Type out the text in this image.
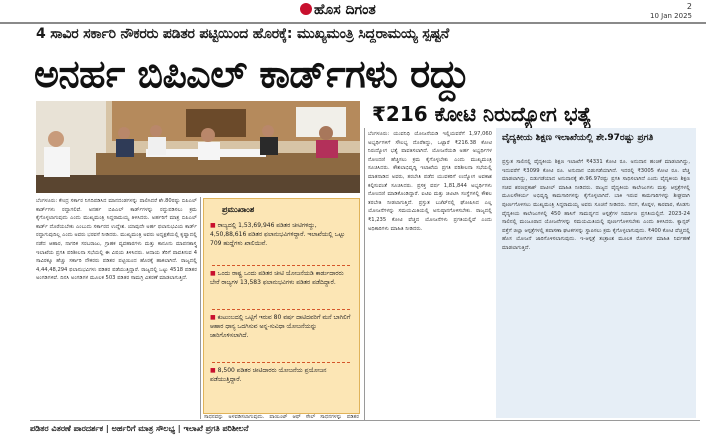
ಹೊಸ ದಿಗಂತ	2
10 Jan 2025
4 ಸಾವಿರ ಸರ್ಕಾರಿ ನೌಕರರು ಪಡಿತರ ಪಟ್ಟಿಯಿಂದ ಹೊರಕ್ಕೆ: ಮುಖ್ಯಮಂತ್ರಿ ಸಿದ್ದರಾಮಯ್ಯ ಸ್ಪಷ್ಟನೆ
ಅನರ್ಹ ಬಿಪಿಎಲ್ ಕಾರ್ಡ್‌ಗಳು ರದ್ದು
₹216 ಕೋಟಿ ನಿರುದ್ಯೋಗ ಭತ್ಯೆ
ಬೆಂಗಳೂರು: ಕೇಂದ್ರ ಸರ್ಕಾರ ನಿಗದಿಪಡಿಸಿದ ಮಾನದಂಡಗಳನ್ನು ಪಾಲಿಸಿದರೆ ಶೇ.80ರಷ್ಟು ಬಿಪಿಎಲ್ ಕಾರ್ಡ್‌ಗಳು ರದ್ದಾಗಲಿವೆ. ಅನರ್ಹ ಬಿಪಿಎಲ್ ಕಾರ್ಡ್‌ಗಳನ್ನು ರದ್ದುಪಡಿಸಲು ಕ್ರಮ ಕೈಗೊಳ್ಳಲಾಗುವುದು ಎಂದು ಮುಖ್ಯಮಂತ್ರಿ ಸಿದ್ದರಾಮಯ್ಯ ತಿಳಿಸಿದರು. ಅರ್ಹರಿಗೆ ಮಾತ್ರ ಬಿಪಿಎಲ್ ಕಾರ್ಡ್ ದೊರೆಯಬೇಕು ಎಂಬುದು ಸರ್ಕಾರದ ಉದ್ದೇಶ. ಯಾವುದೇ ಅರ್ಹ ಫಲಾನುಭವಿಯ ಕಾರ್ಡ್ ರದ್ದಾಗುವುದಿಲ್ಲ ಎಂದು ಅವರು ಭರವಸೆ ನೀಡಿದರು. ಮುಖ್ಯಮಂತ್ರಿ ಅವರು ಅಧ್ಯಕ್ಷತೆಯಲ್ಲಿ ಕೃಷ್ಣಾದಲ್ಲಿ ನಡೆದ ಆಹಾರ, ನಾಗರಿಕ ಸರಬರಾಜು, ಗ್ರಾಹಕ ವ್ಯವಹಾರಗಳು ಮತ್ತು ಕಾನೂನು ಮಾಪನಶಾಸ್ತ್ರ ಇಲಾಖೆಯ ಪ್ರಗತಿ ಪರಿಶೀಲನಾ ಸಭೆಯಲ್ಲಿ ಈ ವಿಷಯ ತಿಳಿಸಿದರು. ಆದಾಯ ತೆರಿಗೆ ಪಾವತಿಸುವ 4 ಸಾವಿರಕ್ಕೂ ಹೆಚ್ಚು ಸರ್ಕಾರಿ ನೌಕರರು ಪಡಿತರ ಪಟ್ಟಿಯಿಂದ ಹೊರಕ್ಕೆ ಹಾಕಲಾಗಿದೆ. ರಾಜ್ಯದಲ್ಲಿ 4,44,48,294 ಫಲಾನುಭವಿಗಳು ಪಡಿತರ ಪಡೆಯುತ್ತಿದ್ದಾರೆ. ರಾಜ್ಯದಲ್ಲಿ ಒಟ್ಟು 4518 ಪಡಿತರ ಅಂಗಡಿಗಳಿವೆ. ದಿನಸಿ ಅಂಗಡಿಗಳ ಮೂಲಕ 503 ಪಡಿತರ ಸಾಮಗ್ರಿ ವಿತರಣೆ ಮಾಡಲಾಗುತ್ತಿದೆ.
ಪ್ರಮುಖಾಂಶ
■ ರಾಜ್ಯದಲ್ಲಿ 1,53,69,946 ಪಡಿತರ ಚೀಟಿಗಳಿದ್ದು, 4,50,88,616 ಪಡಿತರ ಫಲಾನುಭವಿಗಳಿದ್ದಾರೆ. ಇಲಾಖೆಯಲ್ಲಿ ಒಟ್ಟು 709 ಹುದ್ದೆಗಳು ಖಾಲಿಯಿವೆ.
■ ಒಂದು ರಾಷ್ಟ್ರ ಒಂದು ಪಡಿತರ ಚೀಟಿ ಯೋಜನೆಯಡಿ ಕಾರ್ಡುದಾರರು ಬೇರೆ ರಾಜ್ಯಗಳ 13,583 ಫಲಾನುಭವಿಗಳು ಪಡಿತರ ಪಡೆದಿದ್ದಾರೆ.
■ ಕುಟುಂಬದಲ್ಲಿ ಒಟ್ಟಿಗೆ ಇರುವ 80 ವರ್ಷ ದಾಟಿದವರಿಗೆ ಮನೆ ಬಾಗಿಲಿಗೆ ಆಹಾರ ಧಾನ್ಯ ಒದಗಿಸುವ ಅನ್ನ-ಸುವಿಧಾ ಯೋಜನೆಯನ್ನು ಜಾರಿಗೊಳಿಸಲಾಗಿದೆ.
■ 8,500 ಪಡಿತರ ಚೀಟಿದಾರರು ಯೋಜನೆಯ ಪ್ರಯೋಜನ ಪಡೆಯುತ್ತಿದ್ದಾರೆ.
ಸಾಧನವನ್ನು ಅಳವಡಿಸಲಾಗುವುದು. ಪಾಯಿಂಟ್ ಆಫ್ ಸೇಲ್ ಸಾಧನಗಳನ್ನು ಪಡಿತರ
ಬೆಂಗಳೂರು: ಯುವನಿಧಿ ಯೋಜನೆಯಡಿ ಇಲ್ಲಿಯವರೆಗೆ 1,97,060 ಅಭ್ಯರ್ಥಿಗಳಿಗೆ ಸೌಲಭ್ಯ ದೊರೆತಿದ್ದು, ಒಟ್ಟಾರೆ ₹216.38 ಕೋಟಿ ನಿರುದ್ಯೋಗ ಭತ್ಯೆ ಪಾವತಿಸಲಾಗಿದೆ. ಯೋಜನೆಯಡಿ ಅರ್ಹ ಅಭ್ಯರ್ಥಿಗಳ ನೋಂದಣಿ ಹೆಚ್ಚಿಸಲು ಕ್ರಮ ಕೈಗೊಳ್ಳಬೇಕು ಎಂದು ಮುಖ್ಯಮಂತ್ರಿ ಸೂಚಿಸಿದರು. ಕೌಶಲಾಭಿವೃದ್ಧಿ ಇಲಾಖೆಯ ಪ್ರಗತಿ ಪರಿಶೀಲನಾ ಸಭೆಯಲ್ಲಿ ಮಾತನಾಡಿದ ಅವರು, ತರಬೇತಿ ಪಡೆದ ಯುವಕರಿಗೆ ಉದ್ಯೋಗ ಅವಕಾಶ ಕಲ್ಪಿಸುವಂತೆ ಸೂಚಿಸಿದರು. ಪ್ರಸಕ್ತ ವರ್ಷ 1,81,844 ಅಭ್ಯರ್ಥಿಗಳು ನೋಂದಣಿ ಮಾಡಿಕೊಂಡಿದ್ದಾರೆ. ಐಟಿಐ ಮತ್ತು ಜಿಟಿಟಿಸಿ ಸಂಸ್ಥೆಗಳಲ್ಲಿ ಕೌಶಲ ತರಬೇತಿ ನೀಡಲಾಗುತ್ತಿದೆ. ಪ್ರಸ್ತುತ ಬಜೆಟ್‌ನಲ್ಲಿ ಘೋಷಿಸಿದ ಎಲ್ಲ ಯೋಜನೆಗಳನ್ನು ಸಮಯಮಿತಿಯಲ್ಲಿ ಅನುಷ್ಠಾನಗೊಳಿಸಬೇಕು. ರಾಜ್ಯದಲ್ಲಿ ₹1,235 ಕೋಟಿ ವೆಚ್ಚದ ಯೋಜನೆಗಳು ಪ್ರಗತಿಯಲ್ಲಿವೆ ಎಂದು ಅಧಿಕಾರಿಗಳು ಮಾಹಿತಿ ನೀಡಿದರು.
ವೈದ್ಯಕೀಯ ಶಿಕ್ಷಣ ಇಲಾಖೆಯಲ್ಲಿ ಶೇ.97ರಷ್ಟು ಪ್ರಗತಿ
ಪ್ರಸ್ತುತ ಸಾಲಿನಲ್ಲಿ ವೈದ್ಯಕೀಯ ಶಿಕ್ಷಣ ಇಲಾಖೆಗೆ ₹4331 ಕೋಟಿ ರೂ. ಅನುದಾನ ಹಂಚಿಕೆ ಮಾಡಲಾಗಿದ್ದು, ಇದುವರೆಗೆ ₹3099 ಕೋಟಿ ರೂ. ಅನುದಾನ ಬಿಡುಗಡೆಯಾಗಿದೆ. ಇದರಲ್ಲಿ ₹3005 ಕೋಟಿ ರೂ. ವೆಚ್ಚ ಮಾಡಲಾಗಿದ್ದು, ಬಿಡುಗಡೆಯಾದ ಅನುದಾನಕ್ಕೆ ಶೇ.96.97ರಷ್ಟು ಪ್ರಗತಿ ಸಾಧಿಸಲಾಗಿದೆ ಎಂದು ವೈದ್ಯಕೀಯ ಶಿಕ್ಷಣ ಸಚಿವ ಶರಣಪ್ರಕಾಶ್ ಪಾಟೀಲ್ ಮಾಹಿತಿ ನೀಡಿದರು. ರಾಜ್ಯದ ವೈದ್ಯಕೀಯ ಕಾಲೇಜುಗಳು ಮತ್ತು ಆಸ್ಪತ್ರೆಗಳಲ್ಲಿ ಮೂಲಸೌಕರ್ಯ ಅಭಿವೃದ್ಧಿ ಕಾಮಗಾರಿಗಳನ್ನು ಕೈಗೊಳ್ಳಲಾಗಿದೆ. ಬಾಕಿ ಇರುವ ಕಾಮಗಾರಿಗಳನ್ನು ಶೀಘ್ರವಾಗಿ ಪೂರ್ಣಗೊಳಿಸಲು ಮುಖ್ಯಮಂತ್ರಿ ಸಿದ್ದರಾಮಯ್ಯ ಅವರು ಸೂಚನೆ ನೀಡಿದರು. ಗದಗ, ಕೊಪ್ಪಳ, ಕಾರವಾರ, ಕೊಡಗು ವೈದ್ಯಕೀಯ ಕಾಲೇಜುಗಳಲ್ಲಿ 450 ಹಾಸಿಗೆ ಸಾಮರ್ಥ್ಯದ ಆಸ್ಪತ್ರೆಗಳ ನಿರ್ಮಾಣ ಪ್ರಗತಿಯಲ್ಲಿದೆ. 2023-24 ಸಾಲಿನಲ್ಲಿ ಮಂಜೂರಾದ ಯೋಜನೆಗಳನ್ನು ಸಮಯಮಿತಿಯಲ್ಲಿ ಪೂರ್ಣಗೊಳಿಸಬೇಕು ಎಂದು ತಿಳಿಸಿದರು. ಕ್ಯಾನ್ಸರ್ ಪತ್ತೆಗೆ ಜಿಲ್ಲಾ ಆಸ್ಪತ್ರೆಗಳಲ್ಲಿ ತಪಾಸಣಾ ಘಟಕಗಳನ್ನು ಸ್ಥಾಪಿಸಲು ಕ್ರಮ ಕೈಗೊಳ್ಳಲಾಗುವುದು. ₹400 ಕೋಟಿ ವೆಚ್ಚದಲ್ಲಿ ಹೊಸ ಯೋಜನೆ ಜಾರಿಗೊಳಿಸಲಾಗುವುದು. ಇ-ಆಸ್ಪತ್ರೆ ತಂತ್ರಾಂಶ ಮೂಲಕ ರೋಗಿಗಳ ಮಾಹಿತಿ ನಿರ್ವಹಣೆ ಮಾಡಲಾಗುತ್ತಿದೆ.
ಪಡಿತರ ವಿತರಣೆ ಪಾರದರ್ಶಕ | ಅರ್ಹರಿಗೆ ಮಾತ್ರ ಸೌಲಭ್ಯ | ಇಲಾಖೆ ಪ್ರಗತಿ ಪರಿಶೀಲನೆ
